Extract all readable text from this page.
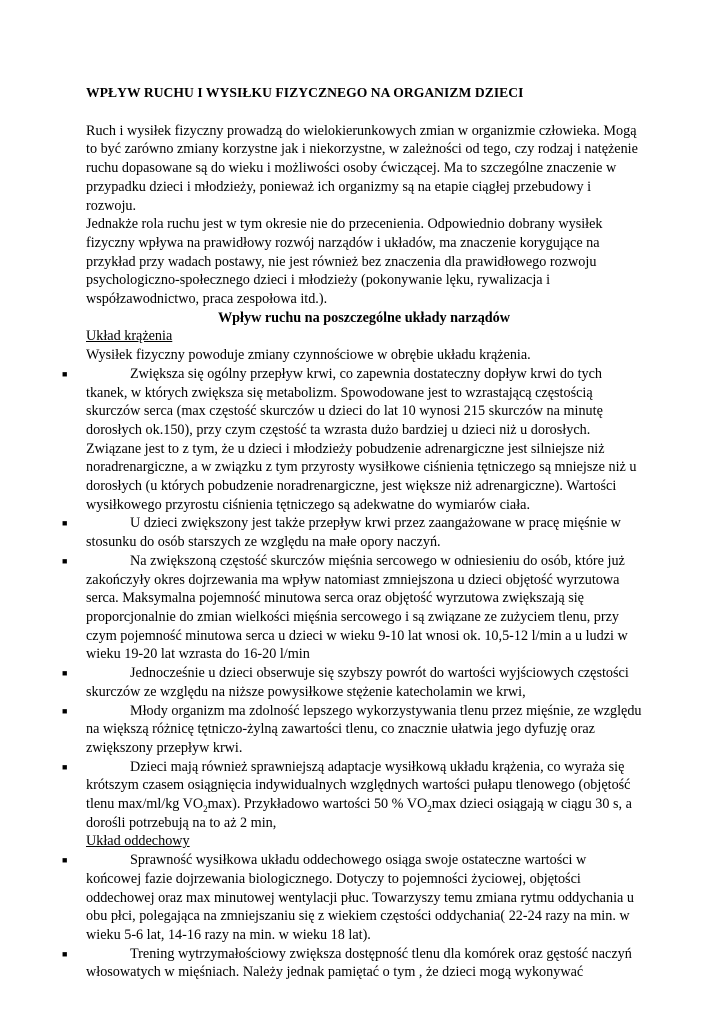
WPŁYW RUCHU I WYSIŁKU FIZYCZNEGO NA ORGANIZM DZIECI

Ruch i wysiłek fizyczny prowadzą do wielokierunkowych zmian w organizmie człowieka. Mogą to być zarówno zmiany korzystne jak i niekorzystne, w zależności od tego, czy rodzaj i natężenie ruchu dopasowane są do wieku i możliwości osoby ćwiczącej. Ma to szczególne znaczenie w przypadku dzieci i młodzieży, ponieważ ich organizmy są na etapie ciągłej przebudowy i rozwoju.

Jednakże rola ruchu jest w tym okresie nie do przecenienia. Odpowiednio dobrany wysiłek fizyczny wpływa na prawidłowy rozwój narządów i układów, ma znaczenie korygujące na przykład przy wadach postawy, nie jest również bez znaczenia dla prawidłowego rozwoju psychologiczno-społecznego dzieci i młodzieży (pokonywanie lęku, rywalizacja i współzawodnictwo, praca zespołowa itd.).

Wpływ ruchu na poszczególne układy narządów

Układ krążenia

Wysiłek fizyczny powoduje zmiany czynnościowe w obrębie układu krążenia.

■	Zwiększa się ogólny przepływ krwi, co zapewnia dostateczny dopływ krwi do tych tkanek, w których zwiększa się metabolizm. Spowodowane jest to wzrastającą częstością skurczów serca (max częstość skurczów u dzieci do lat 10 wynosi 215 skurczów na minutę dorosłych ok.150), przy czym częstość ta wzrasta dużo bardziej u dzieci niż u dorosłych. Związane jest to z tym, że u dzieci i młodzieży pobudzenie adrenargiczne jest silniejsze niż noradrenargiczne, a w związku z tym przyrosty wysiłkowe ciśnienia tętniczego są mniejsze niż u dorosłych (u których pobudzenie noradrenargiczne, jest większe niż adrenargiczne). Wartości wysiłkowego przyrostu ciśnienia tętniczego są adekwatne do wymiarów ciała.
■	U dzieci zwiększony jest także przepływ krwi przez zaangażowane w pracę mięśnie w stosunku do osób starszych ze względu na małe opory naczyń.
■	Na zwiększoną częstość skurczów mięśnia sercowego w odniesieniu do osób, które już zakończyły okres dojrzewania ma wpływ natomiast zmniejszona u dzieci objętość wyrzutowa serca. Maksymalna pojemność minutowa serca oraz objętość wyrzutowa zwiększają się proporcjonalnie do zmian wielkości mięśnia sercowego i są związane ze zużyciem tlenu, przy czym pojemność minutowa serca u dzieci w wieku 9-10 lat wnosi ok. 10,5-12 l/min a u ludzi w wieku 19-20 lat wzrasta do 16-20 l/min
■	Jednocześnie u dzieci obserwuje się szybszy powrót do wartości wyjściowych częstości skurczów ze względu na niższe powysiłkowe stężenie katecholamin we krwi,
■	Młody organizm ma zdolność lepszego wykorzystywania tlenu przez mięśnie, ze względu na większą różnicę tętniczo-żylną zawartości tlenu, co znacznie ułatwia jego dyfuzję oraz zwiększony przepływ krwi.
■	Dzieci mają również sprawniejszą adaptacje wysiłkową układu krążenia, co wyraża się krótszym czasem osiągnięcia indywidualnych względnych wartości pułapu tlenowego (objętość tlenu max/ml/kg $VO_2\max$). Przykładowo wartości 50 % $VO_2\max$ dzieci osiągają w ciągu 30 s, a dorośli potrzebują na to aż 2 min,

Układ oddechowy

■	Sprawność wysiłkowa układu oddechowego osiąga swoje ostateczne wartości w końcowej fazie dojrzewania biologicznego. Dotyczy to pojemności życiowej, objętości oddechowej oraz max minutowej wentylacji płuc. Towarzyszy temu zmiana rytmu oddychania u obu płci, polegająca na zmniejszaniu się z wiekiem częstości oddychania( 22-24 razy na min. w wieku 5-6 lat, 14-16 razy na min. w wieku 18 lat).
■	Trening wytrzymałościowy zwiększa dostępność tlenu dla komórek oraz gęstość naczyń włosowatych w mięśniach. Należy jednak pamiętać o tym , że dzieci mogą wykonywać
